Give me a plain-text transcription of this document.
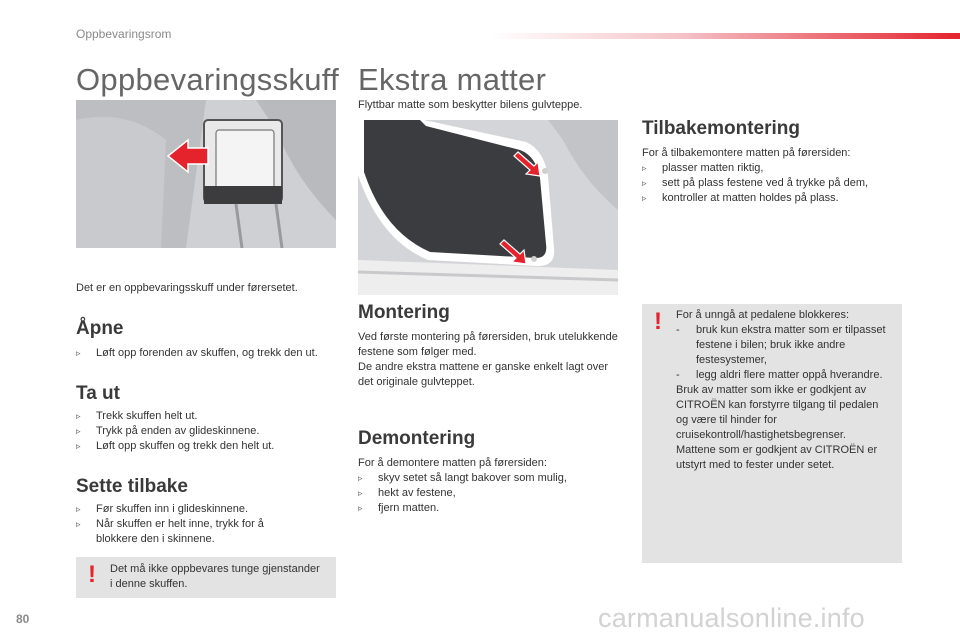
Oppbevaringsrom
Oppbevaringsskuff

Det er en oppbevaringsskuff under førersetet.

Åpne
▹ Løft opp forenden av skuffen, og trekk den ut.
Ta ut
▹ Trekk skuffen helt ut.
▹ Trykk på enden av glideskinnene.
▹ Løft opp skuffen og trekk den helt ut.
Sette tilbake
▹ Før skuffen inn i glideskinnene.
▹ Når skuffen er helt inne, trykk for å blokkere den i skinnene.
! Det må ikke oppbevares tunge gjenstander i denne skuffen.

Ekstra matter

Flyttbar matte som beskytter bilens gulvteppe.

Montering

Ved første montering på førersiden, bruk utelukkende festene som følger med.
De andre ekstra mattene er ganske enkelt lagt over det originale gulvteppet.

Demontering

For å demontere matten på førersiden:

▹ skyv setet så langt bakover som mulig,
▹ hekt av festene,
▹ fjern matten.
Tilbakemontering

For å tilbakemontere matten på førersiden:

▹ plasser matten riktig,
▹ sett på plass festene ved å trykke på dem,
▹ kontroller at matten holdes på plass.
! For å unngå at pedalene blokkeres:

- bruk kun ekstra matter som er tilpasset festene i bilen; bruk ikke andre festesystemer,
- legg aldri flere matter oppå hverandre.

Bruk av matter som ikke er godkjent av CITROËN kan forstyrre tilgang til pedalen og være til hinder for cruisekontroll/hastighetsbegrenser.
Mattene som er godkjent av CITROËN er utstyrt med to fester under setet.

80	carmanualsonline.info
